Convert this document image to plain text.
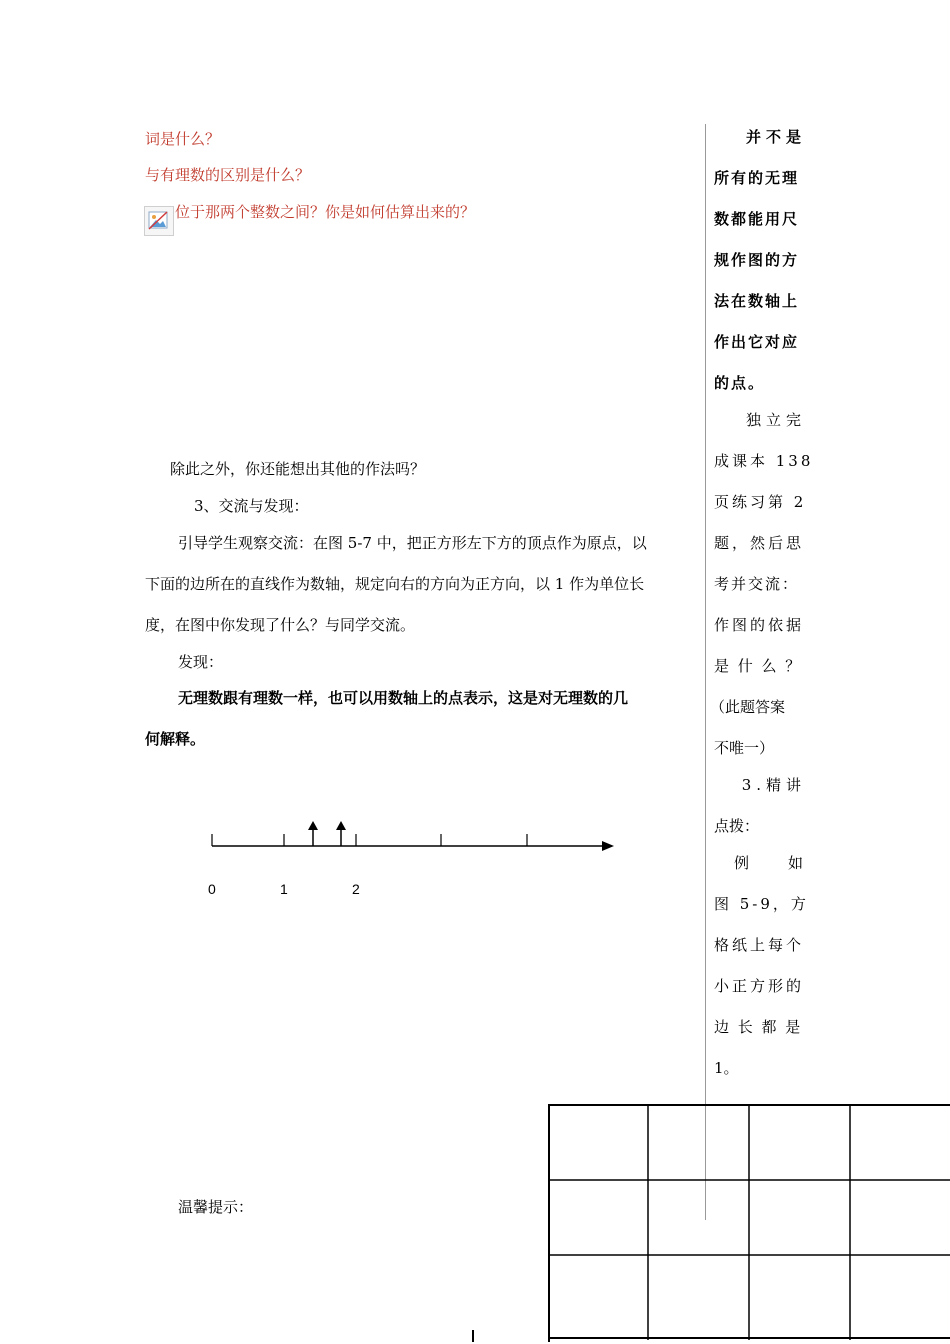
词是什么？
与有理数的区别是什么？
位于那两个整数之间？你是如何估算出来的？
除此之外，你还能想出其他的作法吗？
3、交流与发现：
引导学生观察交流：在图 5-7 中，把正方形左下方的顶点作为原点，以
下面的边所在的直线作为数轴，规定向右的方向为正方向，以 1 作为单位长
度，在图中你发现了什么？与同学交流。
发现：
无理数跟有理数一样，也可以用数轴上的点表示，这是对无理数的几
何解释。
0	1	2
温馨提示：
并不是
所有的无理
数都能用尺
规作图的方
法在数轴上
作出它对应
的点。
独立完
成课本 138
页练习第 2
题，然后思
考并交流：
作图的依据
是 什 么 ？
（此题答案
不唯一）
3.精讲
点拨：
例　　如
图 5-9，方
格纸上每个
小正方形的
边 长 都 是
1。
